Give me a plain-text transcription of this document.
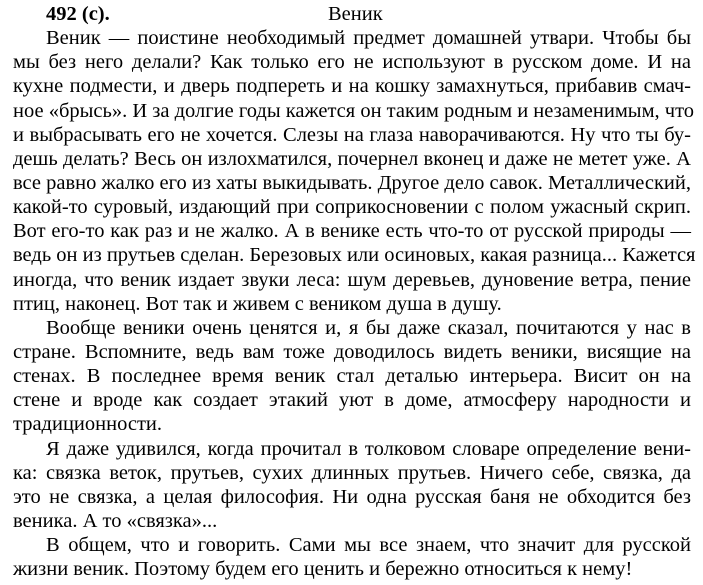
492 (с).	Веник
Веник — поистине необходимый предмет домашней утвари. Чтобы бы
мы без него делали? Как только его не используют в русском доме. И на
кухне подмести, и дверь подпереть и на кошку замахнуться, прибавив смач-
ное «брысь». И за долгие годы кажется он таким родным и незаменимым, что
и выбрасывать его не хочется. Слезы на глаза наворачиваются. Ну что ты бу-
дешь делать? Весь он излохматился, почернел вконец и даже не метет уже. А
все равно жалко его из хаты выкидывать. Другое дело савок. Металлический,
какой-то суровый, издающий при соприкосновении с полом ужасный скрип.
Вот его-то как раз и не жалко. А в венике есть что-то от русской природы —
ведь он из прутьев сделан. Березовых или осиновых, какая разница... Кажется
иногда, что веник издает звуки леса: шум деревьев, дуновение ветра, пение
птиц, наконец. Вот так и живем с веником душа в душу.
Вообще веники очень ценятся и, я бы даже сказал, почитаются у нас в
стране. Вспомните, ведь вам тоже доводилось видеть веники, висящие на
стенах. В последнее время веник стал деталью интерьера. Висит он на
стене и вроде как создает этакий уют в доме, атмосферу народности и
традиционности.
Я даже удивился, когда прочитал в толковом словаре определение вени-
ка: связка веток, прутьев, сухих длинных прутьев. Ничего себе, связка, да
это не связка, а целая философия. Ни одна русская баня не обходится без
веника. А то «связка»...
В общем, что и говорить. Сами мы все знаем, что значит для русской
жизни веник. Поэтому будем его ценить и бережно относиться к нему!
